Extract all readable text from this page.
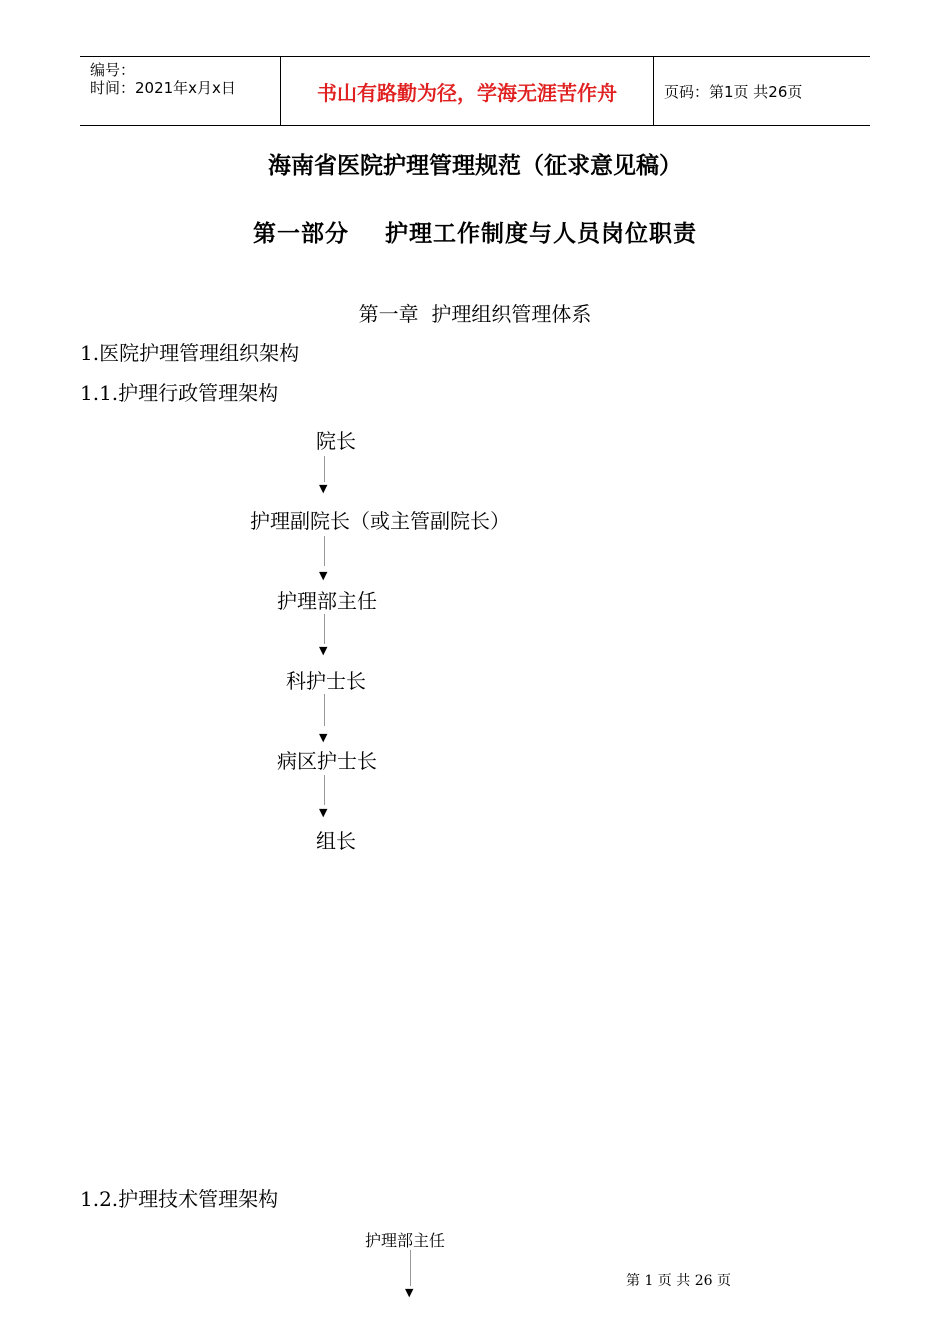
编号：
时间：2021年x月x日	书山有路勤为径，学海无涯苦作舟	页码：第1页 共26页
海南省医院护理管理规范（征求意见稿）
第一部分    护理工作制度与人员岗位职责
第一章  护理组织管理体系
1.医院护理管理组织架构
1.1.护理行政管理架构
院长
▼
护理副院长（或主管副院长）
▼
护理部主任
▼
科护士长
▼
病区护士长
▼
组长
1.2.护理技术管理架构
护理部主任
▼
第 1 页 共 26 页
